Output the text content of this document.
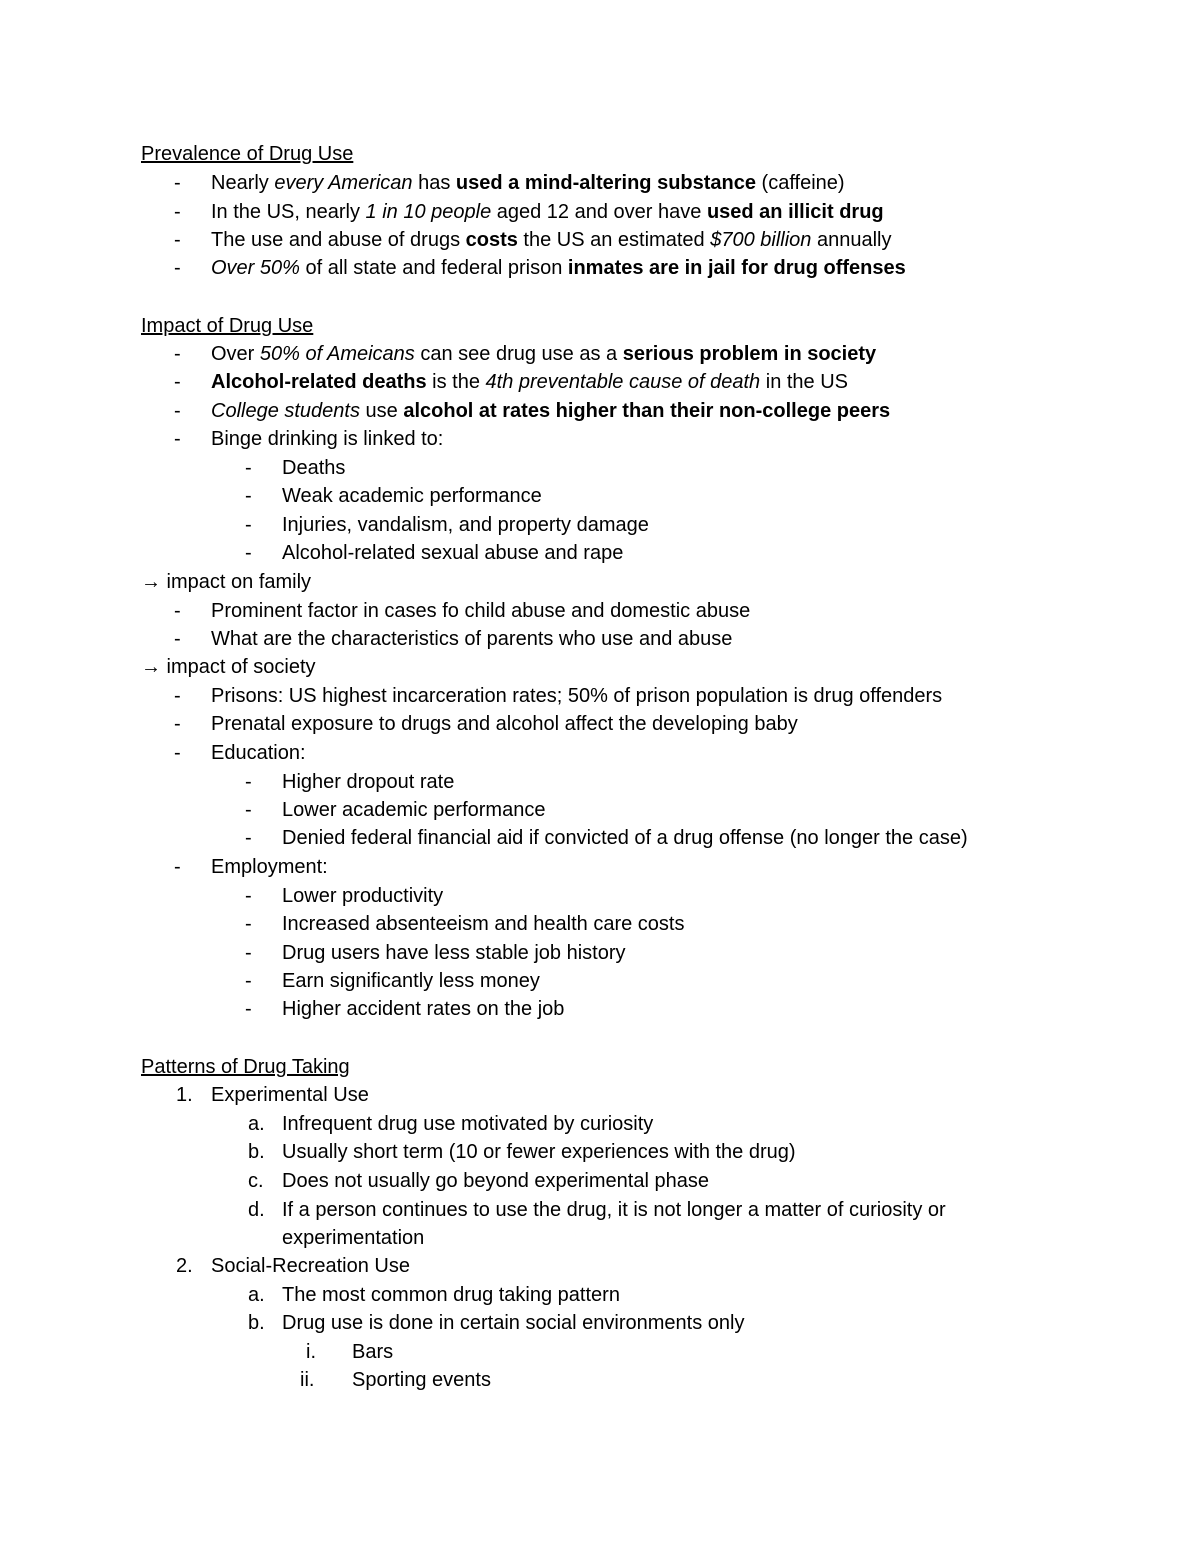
Prevalence of Drug Use
- Nearly every American has used a mind-altering substance (caffeine)
- In the US, nearly 1 in 10 people aged 12 and over have used an illicit drug
- The use and abuse of drugs costs the US an estimated $700 billion annually
- Over 50% of all state and federal prison inmates are in jail for drug offenses
Impact of Drug Use
- Over 50% of Ameicans can see drug use as a serious problem in society
- Alcohol-related deaths is the 4th preventable cause of death in the US
- College students use alcohol at rates higher than their non-college peers
- Binge drinking is linked to:
- Deaths
- Weak academic performance
- Injuries, vandalism, and property damage
- Alcohol-related sexual abuse and rape
→ impact on family
- Prominent factor in cases fo child abuse and domestic abuse
- What are the characteristics of parents who use and abuse
→ impact of society
- Prisons: US highest incarceration rates; 50% of prison population is drug offenders
- Prenatal exposure to drugs and alcohol affect the developing baby
- Education:
- Higher dropout rate
- Lower academic performance
- Denied federal financial aid if convicted of a drug offense (no longer the case)
- Employment:
- Lower productivity
- Increased absenteeism and health care costs
- Drug users have less stable job history
- Earn significantly less money
- Higher accident rates on the job
Patterns of Drug Taking
1. Experimental Use
a. Infrequent drug use motivated by curiosity
b. Usually short term (10 or fewer experiences with the drug)
c. Does not usually go beyond experimental phase
d. If a person continues to use the drug, it is not longer a matter of curiosity or
experimentation
2. Social-Recreation Use
a. The most common drug taking pattern
b. Drug use is done in certain social environments only
i. Bars
ii. Sporting events
